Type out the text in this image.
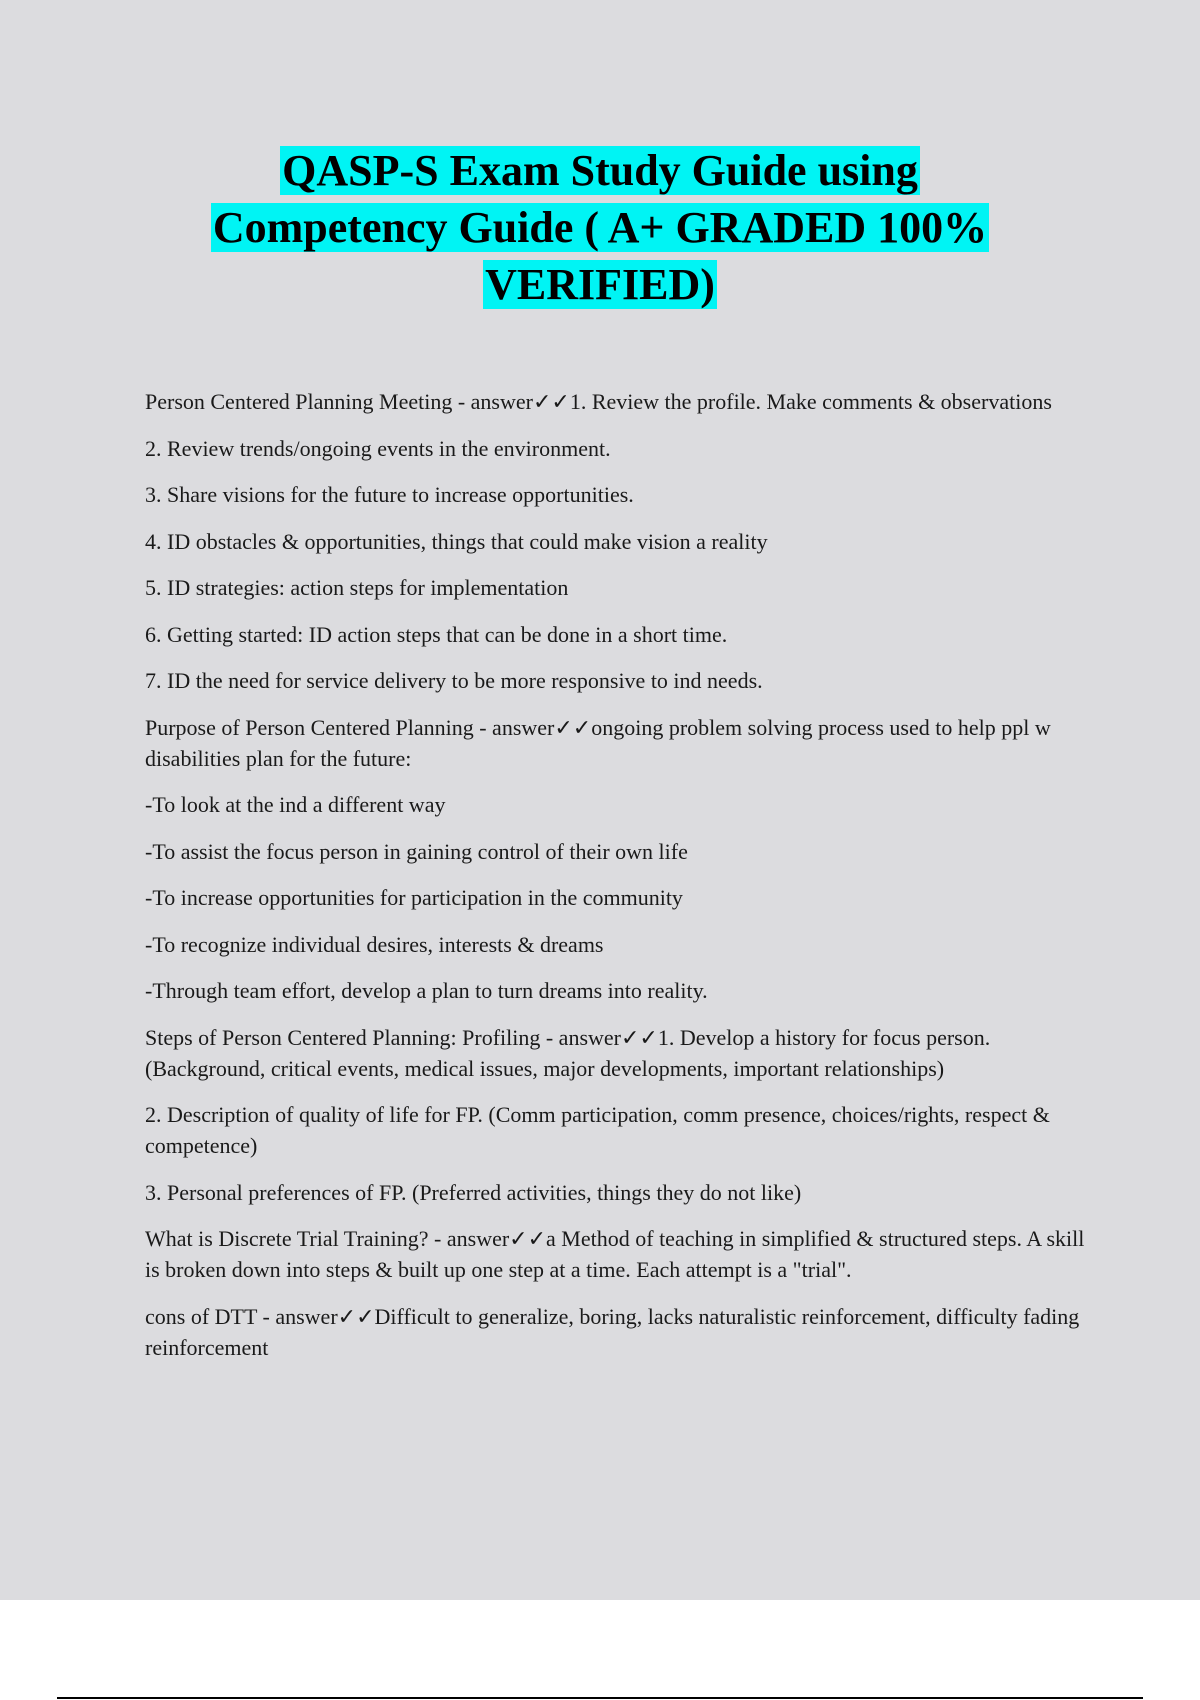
QASP-S Exam Study Guide using
Competency Guide ( A+ GRADED 100%
VERIFIED)

Person Centered Planning Meeting - answer✓✓1. Review the profile. Make comments & observations

2. Review trends/ongoing events in the environment.

3. Share visions for the future to increase opportunities.

4. ID obstacles & opportunities, things that could make vision a reality

5. ID strategies: action steps for implementation

6. Getting started: ID action steps that can be done in a short time.

7. ID the need for service delivery to be more responsive to ind needs.

Purpose of Person Centered Planning - answer✓✓ongoing problem solving process used to help ppl w disabilities plan for the future:

-To look at the ind a different way

-To assist the focus person in gaining control of their own life

-To increase opportunities for participation in the community

-To recognize individual desires, interests & dreams

-Through team effort, develop a plan to turn dreams into reality.

Steps of Person Centered Planning: Profiling - answer✓✓1. Develop a history for focus person. (Background, critical events, medical issues, major developments, important relationships)

2. Description of quality of life for FP. (Comm participation, comm presence, choices/rights, respect & competence)

3. Personal preferences of FP. (Preferred activities, things they do not like)

What is Discrete Trial Training? - answer✓✓a Method of teaching in simplified & structured steps. A skill is broken down into steps & built up one step at a time. Each attempt is a "trial".

cons of DTT - answer✓✓Difficult to generalize, boring, lacks naturalistic reinforcement, difficulty fading reinforcement
